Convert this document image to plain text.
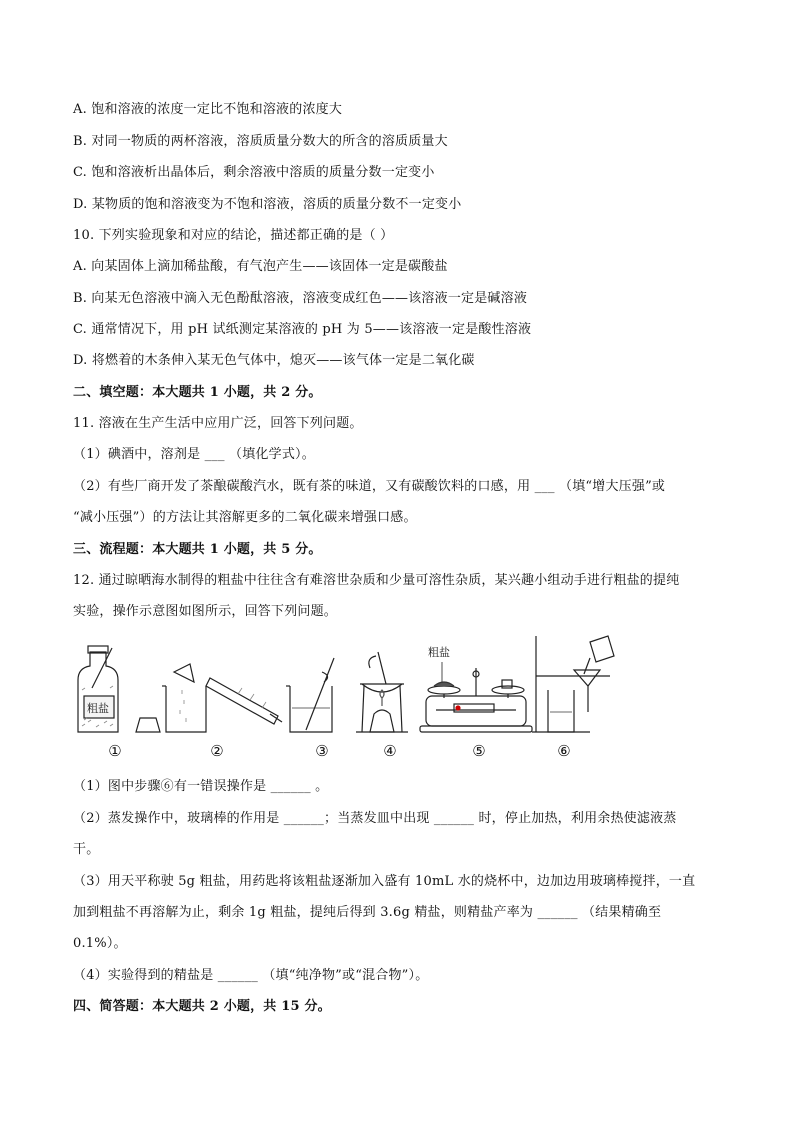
A. 饱和溶液的浓度一定比不饱和溶液的浓度大
B. 对同一物质的两杯溶液，溶质质量分数大的所含的溶质质量大
C. 饱和溶液析出晶体后，剩余溶液中溶质的质量分数一定变小
D. 某物质的饱和溶液变为不饱和溶液，溶质的质量分数不一定变小
10. 下列实验现象和对应的结论，描述都正确的是（ ）
A. 向某固体上滴加稀盐酸，有气泡产生——该固体一定是碳酸盐
B. 向某无色溶液中滴入无色酚酞溶液，溶液变成红色——该溶液一定是碱溶液
C. 通常情况下，用 pH 试纸测定某溶液的 pH 为 5——该溶液一定是酸性溶液
D. 将燃着的木条伸入某无色气体中，熄灭——该气体一定是二氧化碳
二、填空题：本大题共 1 小题，共 2 分。
11. 溶液在生产生活中应用广泛，回答下列问题。
（1）碘酒中，溶剂是 ___ （填化学式）。
（2）有些厂商开发了茶酿碳酸汽水，既有茶的味道，又有碳酸饮料的口感，用 ___ （填“增大压强”或
“减小压强”）的方法让其溶解更多的二氧化碳来增强口感。
三、流程题：本大题共 1 小题，共 5 分。
12. 通过晾晒海水制得的粗盐中往往含有难溶世杂质和少量可溶性杂质，某兴趣小组动手进行粗盐的提纯
实验，操作示意图如图所示，回答下列问题。
粗盐
粗盐
①	②	③	④	⑤	⑥
（1）图中步骤⑥有一错误操作是 ______ 。
（2）蒸发操作中，玻璃棒的作用是 ______；当蒸发皿中出现 ______ 时，停止加热，利用余热使滤液蒸
干。
（3）用天平称驶 5g 粗盐，用药匙将该粗盐逐渐加入盛有 10mL 水的烧杯中，边加边用玻璃棒搅拌，一直
加到粗盐不再溶解为止，剩余 1g 粗盐，提纯后得到 3.6g 精盐，则精盐产率为 ______ （结果精确至
0.1%）。
（4）实验得到的精盐是 ______ （填“纯净物”或“混合物”）。
四、简答题：本大题共 2 小题，共 15 分。
